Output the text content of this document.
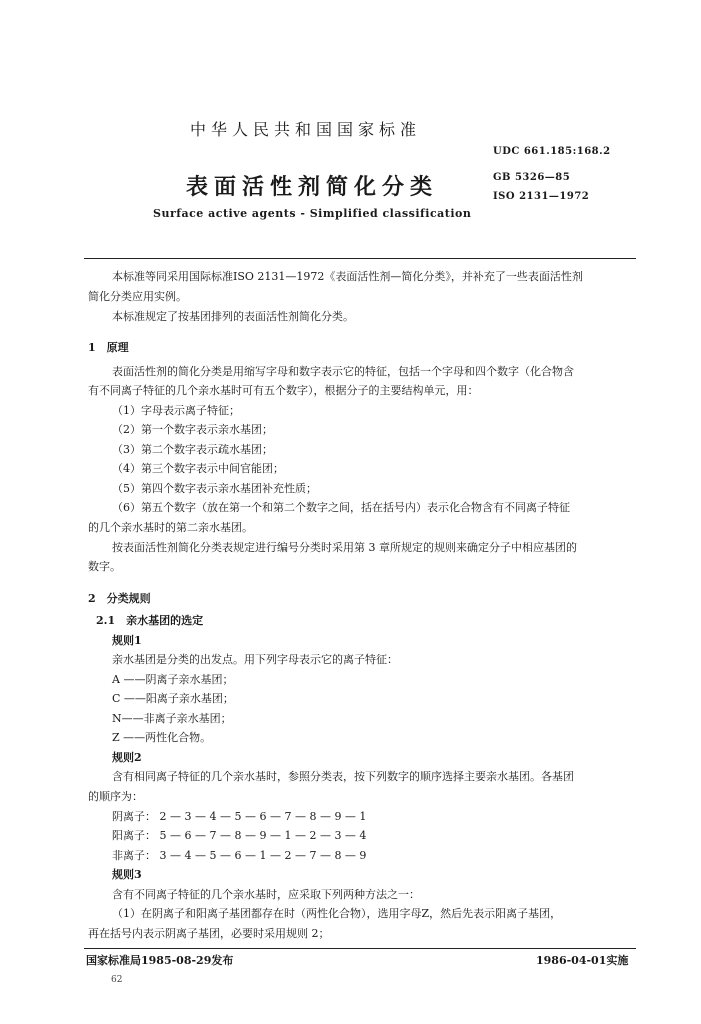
中华人民共和国国家标准
UDC 661.185:168.2
表面活性剂简化分类	GB 5326—85
ISO 2131—1972
Surface active agents - Simplified classification
本标准等同采用国际标准ISO 2131—1972《表面活性剂—简化分类》，并补充了一些表面活性剂
简化分类应用实例。
本标准规定了按基团排列的表面活性剂简化分类。
1　原理
表面活性剂的简化分类是用缩写字母和数字表示它的特征，包括一个字母和四个数字（化合物含
有不同离子特征的几个亲水基时可有五个数字），根据分子的主要结构单元，用：
（1）字母表示离子特征；
（2）第一个数字表示亲水基团；
（3）第二个数字表示疏水基团；
（4）第三个数字表示中间官能团；
（5）第四个数字表示亲水基团补充性质；
（6）第五个数字（放在第一个和第二个数字之间，括在括号内）表示化合物含有不同离子特征
的几个亲水基时的第二亲水基团。
按表面活性剂简化分类表规定进行编号分类时采用第 3 章所规定的规则来确定分子中相应基团的
数字。
2　分类规则
2.1　亲水基团的选定
规则1
亲水基团是分类的出发点。用下列字母表示它的离子特征：
A ——阴离子亲水基团；
C ——阳离子亲水基团；
N——非离子亲水基团；
Z ——两性化合物。
规则2
含有相同离子特征的几个亲水基时，参照分类表，按下列数字的顺序选择主要亲水基团。各基团
的顺序为：
阴离子： 2 — 3 — 4 — 5 — 6 — 7 — 8 — 9 — 1
阳离子： 5 — 6 — 7 — 8 — 9 — 1 — 2 — 3 — 4
非离子： 3 — 4 — 5 — 6 — 1 — 2 — 7 — 8 — 9
规则3
含有不同离子特征的几个亲水基时，应采取下列两种方法之一：
（1）在阴离子和阳离子基团都存在时（两性化合物），选用字母Z，然后先表示阳离子基团，
再在括号内表示阴离子基团，必要时采用规则 2；
国家标准局1985-08-29发布	1986-04-01实施
62
